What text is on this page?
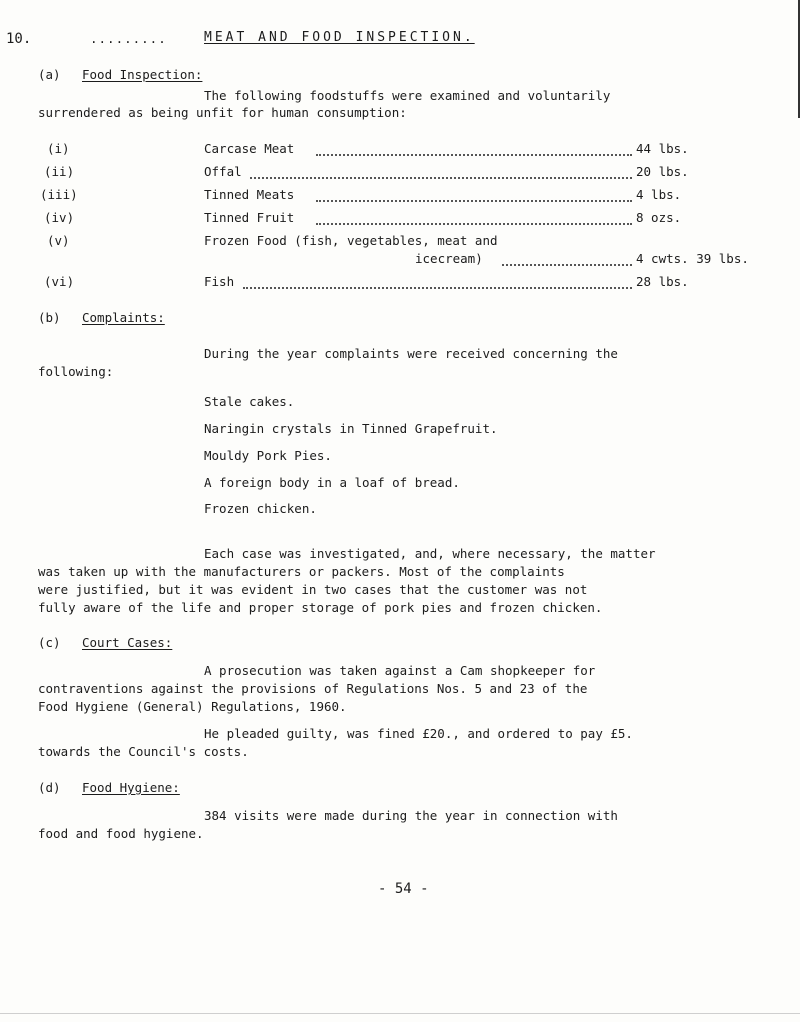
10.	.........	MEAT AND FOOD INSPECTION.
(a) Food Inspection:
The following foodstuffs were examined and voluntarily
surrendered as being unfit for human consumption:
(i)	Carcase Meat	44 lbs.
(ii)	Offal	20 lbs.
(iii)	Tinned Meats	4 lbs.
(iv)	Tinned Fruit	8 ozs.
(v)	Frozen Food (fish, vegetables, meat and
icecream)	4 cwts. 39 lbs.
(vi)	Fish	28 lbs.
(b) Complaints:
During the year complaints were received concerning the
following:
Stale cakes.
Naringin crystals in Tinned Grapefruit.
Mouldy Pork Pies.
A foreign body in a loaf of bread.
Frozen chicken.
Each case was investigated, and, where necessary, the matter
was taken up with the manufacturers or packers. Most of the complaints
were justified, but it was evident in two cases that the customer was not
fully aware of the life and proper storage of pork pies and frozen chicken.
(c) Court Cases:
A prosecution was taken against a Cam shopkeeper for
contraventions against the provisions of Regulations Nos. 5 and 23 of the
Food Hygiene (General) Regulations, 1960.
He pleaded guilty, was fined £20., and ordered to pay £5.
towards the Council's costs.
(d) Food Hygiene:
384 visits were made during the year in connection with
food and food hygiene.
- 54 -
